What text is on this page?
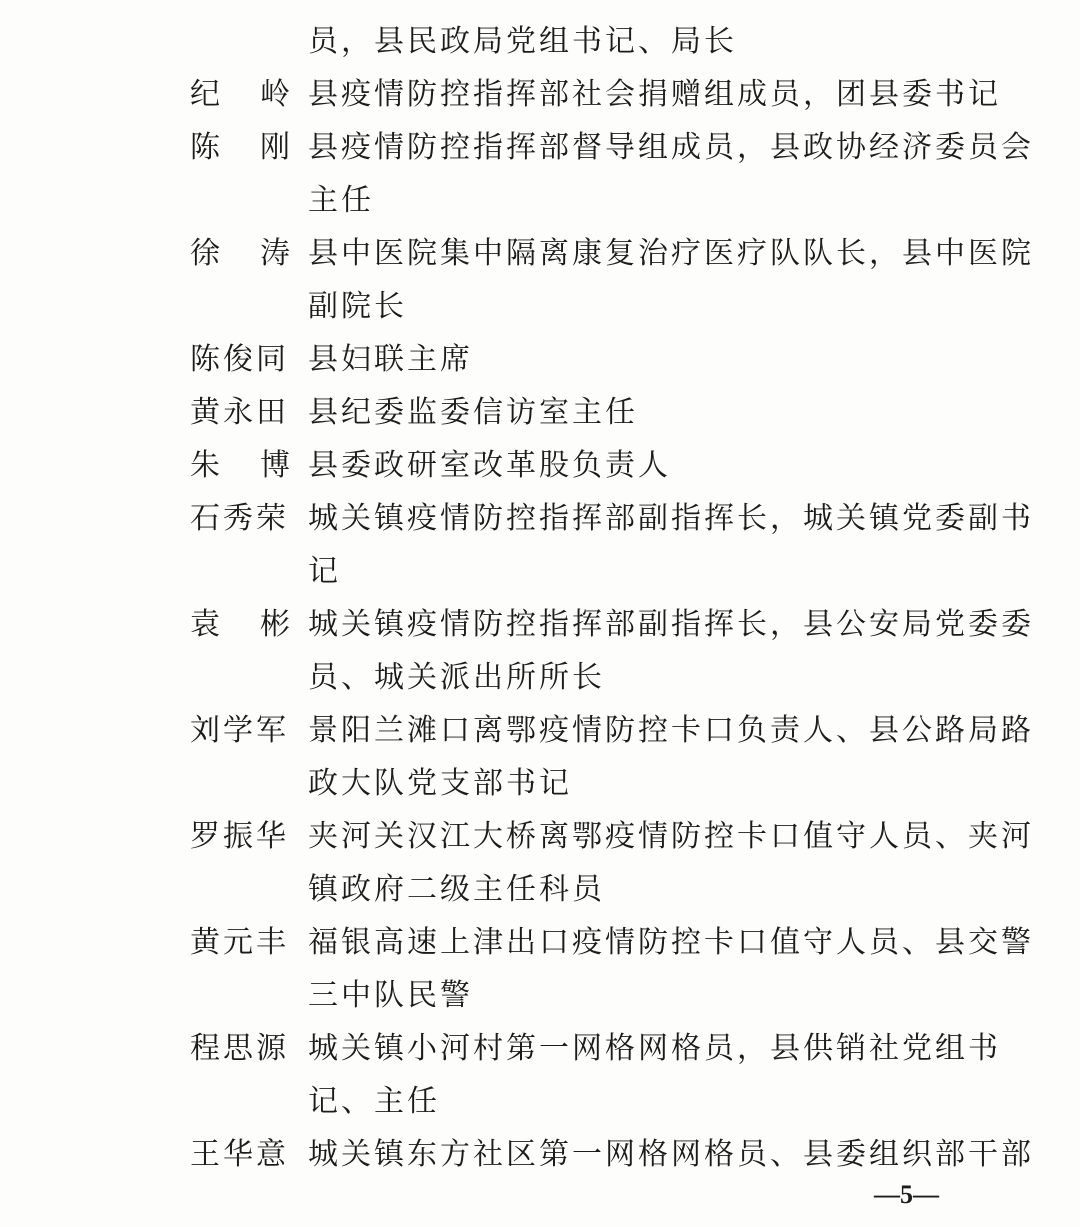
员，县民政局党组书记、局长
纪 岭 县疫情防控指挥部社会捐赠组成员，团县委书记
陈 刚 县疫情防控指挥部督导组成员，县政协经济委员会
主任
徐 涛 县中医院集中隔离康复治疗医疗队队长，县中医院
副院长
陈俊同 县妇联主席
黄永田 县纪委监委信访室主任
朱 博 县委政研室改革股负责人
石秀荣 城关镇疫情防控指挥部副指挥长，城关镇党委副书
记
袁 彬 城关镇疫情防控指挥部副指挥长，县公安局党委委
员、城关派出所所长
刘学军 景阳兰滩口离鄂疫情防控卡口负责人、县公路局路
政大队党支部书记
罗振华 夹河关汉江大桥离鄂疫情防控卡口值守人员、夹河
镇政府二级主任科员
黄元丰 福银高速上津出口疫情防控卡口值守人员、县交警
三中队民警
程思源 城关镇小河村第一网格网格员，县供销社党组书
记、主任
王华意 城关镇东方社区第一网格网格员、县委组织部干部
—5—
